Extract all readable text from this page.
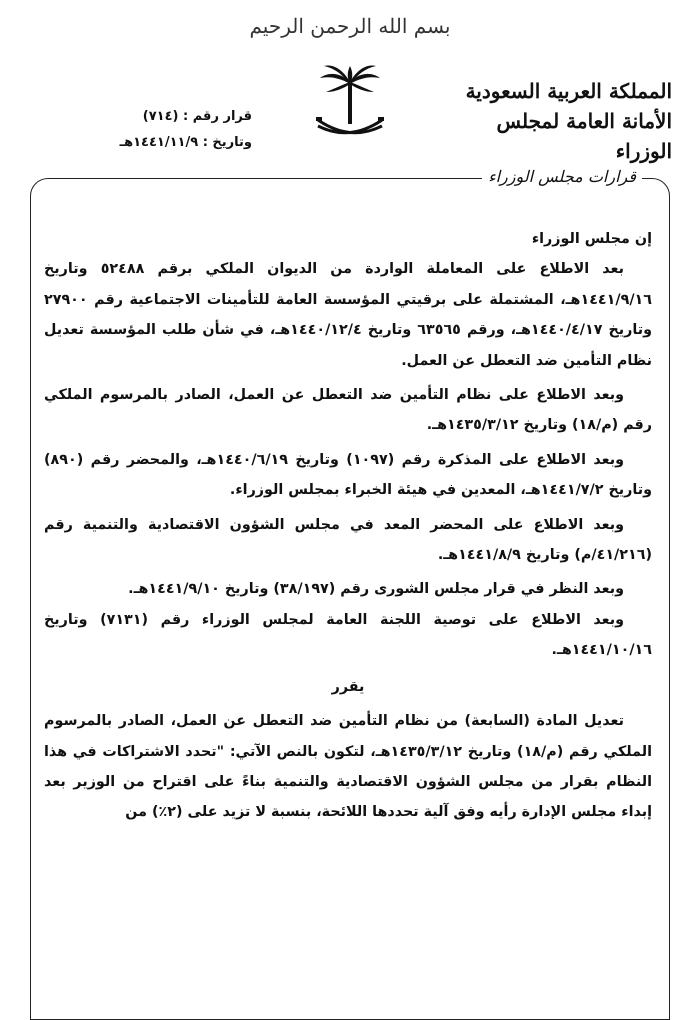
بسم الله الرحمن الرحيم
المملكة العربية السعودية
الأمانة العامة لمجلس الوزراء
قرار رقم : (٧١٤)
وتاريخ : ١٤٤١/١١/٩هـ
قرارات مجلس الوزراء

إن مجلس الوزراء

بعد الاطلاع على المعاملة الواردة من الديوان الملكي برقم ٥٢٤٨٨ وتاريخ ١٤٤١/٩/١٦هـ، المشتملة على برقيتي المؤسسة العامة للتأمينات الاجتماعية رقم ٢٧٩٠٠ وتاريخ ١٤٤٠/٤/١٧هـ، ورقم ٦٣٥٦٥ وتاريخ ١٤٤٠/١٢/٤هـ، في شأن طلب المؤسسة تعديل نظام التأمين ضد التعطل عن العمل.

وبعد الاطلاع على نظام التأمين ضد التعطل عن العمل، الصادر بالمرسوم الملكي رقم (م/١٨) وتاريخ ١٤٣٥/٣/١٢هـ.

وبعد الاطلاع على المذكرة رقم (١٠٩٧) وتاريخ ١٤٤٠/٦/١٩هـ، والمحضر رقم (٨٩٠) وتاريخ ١٤٤١/٧/٢هـ، المعدين في هيئة الخبراء بمجلس الوزراء.

وبعد الاطلاع على المحضر المعد في مجلس الشؤون الاقتصادية والتنمية رقم (٤١/٢١٦/م) وتاريخ ١٤٤١/٨/٩هـ.

وبعد النظر في قرار مجلس الشورى رقم (٣٨/١٩٧) وتاريخ ١٤٤١/٩/١٠هـ.

وبعد الاطلاع على توصية اللجنة العامة لمجلس الوزراء رقم (٧١٣١) وتاريخ ١٤٤١/١٠/١٦هـ.

يقرر

تعديل المادة (السابعة) من نظام التأمين ضد التعطل عن العمل، الصادر بالمرسوم الملكي رقم (م/١٨) وتاريخ ١٤٣٥/٣/١٢هـ، لتكون بالنص الآتي: "تحدد الاشتراكات في هذا النظام بقرار من مجلس الشؤون الاقتصادية والتنمية بناءً على اقتراح من الوزير بعد إبداء مجلس الإدارة رأيه وفق آلية تحددها اللائحة، بنسبة لا تزيد على (٢٪) من
